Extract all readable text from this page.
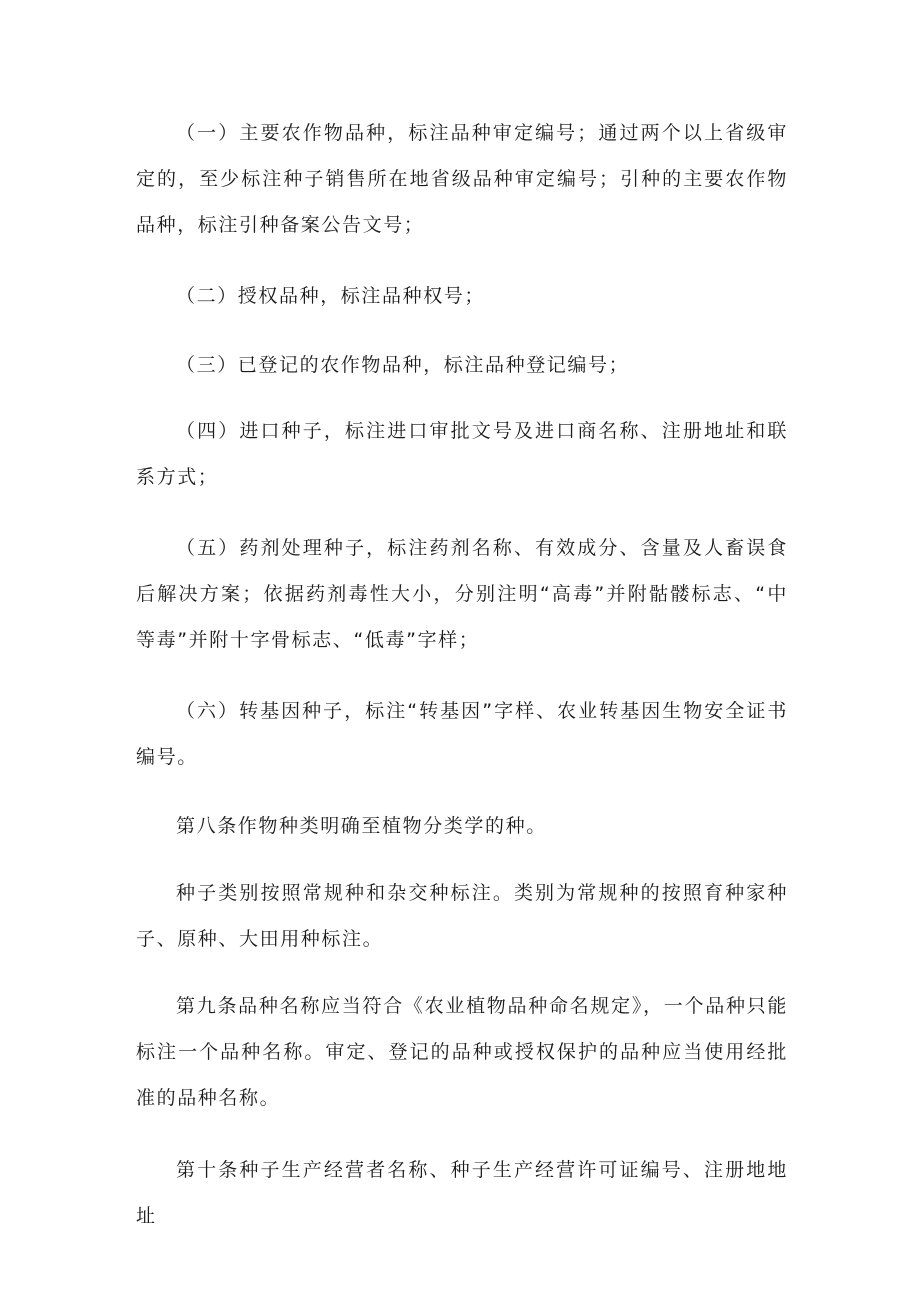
（一）主要农作物品种，标注品种审定编号；通过两个以上省级审定的，至少标注种子销售所在地省级品种审定编号；引种的主要农作物品种，标注引种备案公告文号；

（二）授权品种，标注品种权号；

（三）已登记的农作物品种，标注品种登记编号；

（四）进口种子，标注进口审批文号及进口商名称、注册地址和联系方式；

（五）药剂处理种子，标注药剂名称、有效成分、含量及人畜误食后解决方案；依据药剂毒性大小，分别注明“高毒”并附骷髅标志、“中等毒”并附十字骨标志、“低毒”字样；

（六）转基因种子，标注“转基因”字样、农业转基因生物安全证书编号。

第八条作物种类明确至植物分类学的种。

种子类别按照常规种和杂交种标注。类别为常规种的按照育种家种子、原种、大田用种标注。

第九条品种名称应当符合《农业植物品种命名规定》，一个品种只能标注一个品种名称。审定、登记的品种或授权保护的品种应当使用经批准的品种名称。

第十条种子生产经营者名称、种子生产经营许可证编号、注册地地址
